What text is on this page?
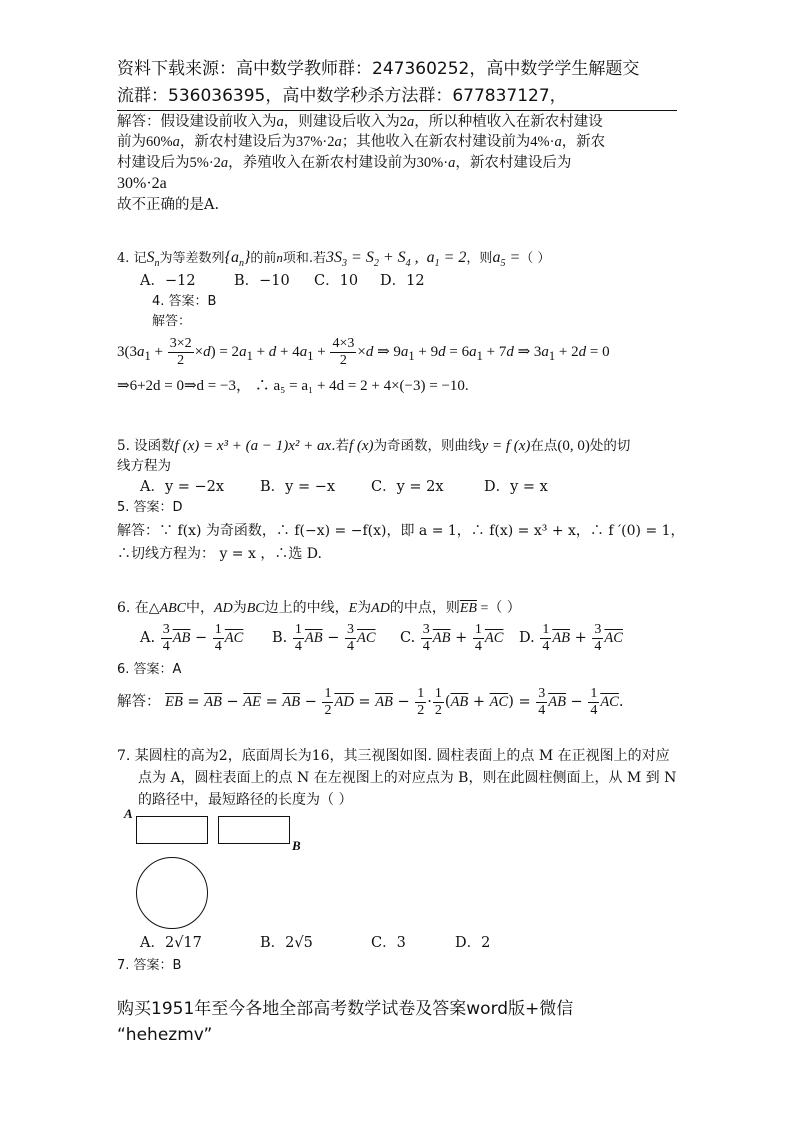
资料下载来源：高中数学教师群：247360252，高中数学学生解题交
流群：536036395，高中数学秒杀方法群：677837127，
解答：假设建设前收入为a，则建设后收入为2a，所以种植收入在新农村建设
前为60%a，新农村建设后为37%·2a；其他收入在新农村建设前为4%·a，新农
村建设后为5%·2a，养殖收入在新农村建设前为30%·a，新农村建设后为
30%·2a
故不正确的是A.
4. 记$S_n$为等差数列$\{a_n\}$的前n项和.若$3S_3 = S_2 + S_4$ ,  $a_1 = 2$，则$a_5$ =（ ）
A．−12	B．−10 C．10 D．12
4. 答案：B
解答：
$3(3a_1 + \frac{3\times 2}{2} \times d) = 2a_1 + d + 4a_1 + \frac{4\times 3}{2} \times d$ ⇒ $9a_1 + 9d = 6a_1 + 7d$ ⇒ $3a_1 + 2d = 0$
⇒6+2d = 0⇒d = −3， ∴ a₅ = a₁ + 4d = 2 + 4×(−3) = −10.
5. 设函数f (x) = x³ + (a − 1)x² + ax.若f (x)为奇函数，则曲线y = f (x)在点(0, 0)处的切
线方程为
A．y = −2x B．y = −x C．y = 2x	D．y = x
5. 答案：D
解答：∵ f(x) 为奇函数，∴ f(−x) = −f(x)，即 a = 1，∴ f(x) = x³ + x，∴ f ′(0) = 1，
∴切线方程为： y = x ，∴选 D.
6. 在△ABC中，AD为BC边上的中线，E为AD的中点，则$\overline{EB}$ =（ ）
A. $\frac{3}{4} \overline{AB} - \frac{1}{4} \overline{AC}$ B. $\frac{1}{4} \overline{AB} - \frac{3}{4} \overline{AC}$ C. $\frac{3}{4} \overline{AB} + \frac{1}{4} \overline{AC}$ D. $\frac{1}{4} \overline{AB} + \frac{3}{4} \overline{AC}$
6. 答案：A
解答： $\overline{EB} = \overline{AB} - \overline{AE} = \overline{AB} - \frac{1}{2} \overline{AD} = \overline{AB} - \frac{1}{2} \cdot \frac{1}{2} (\overline{AB} + \overline{AC}) = \frac{3}{4} \overline{AB} - \frac{1}{4} \overline{AC}$.
7. 某圆柱的高为2，底面周长为16，其三视图如图. 圆柱表面上的点 M 在正视图上的对应
点为 A，圆柱表面上的点 N 在左视图上的对应点为 B，则在此圆柱侧面上，从 M 到 N
的路径中，最短路径的长度为（ ）
A
B
A．2√17	B．2√5	C．3	D．2
7. 答案：B
购买1951年至今各地全部高考数学试卷及答案word版+微信
“hehezmv”
